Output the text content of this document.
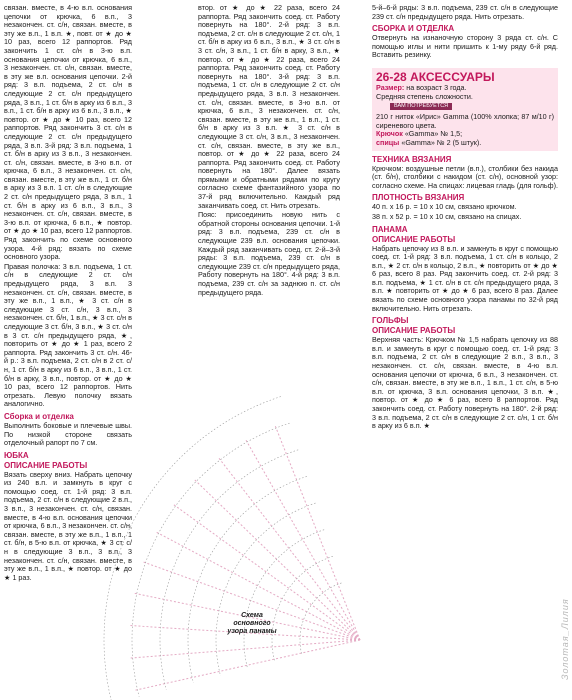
связан. вместе, в 4-ю в.п. основания цепочки от крючка, 6 в.п., 3 незакончен. ст. с/н, связан. вместе, в эту же в.п., 1 в.п. ★, повт. от ★ до ★ 10 раз, всего 12 раппортов. Ряд закончить 1 ст. с/н в 3-ю в.п. основания цепочки от крючка, 6 в.п., 3 незакончен. ст. с/н, связан. вместе, в эту же в.п. основания цепочки. 2-й ряд: 3 в.п. подъема, 2 ст. с/н в следующие 2 ст. с/н предыдущего ряда, 3 в.п., 1 ст. б/н в арку из 6 в.п., 3 в.п., 1 ст. б/н в арку из 6 в.п., 3 в.п., ★ повтор. от ★ до ★ 10 раз, всего 12 раппортов. Ряд закончить 3 ст. с/н в следующие 2 ст. с/н предыдущего ряда, 3 в.п. 3-й ряд: 3 в.п. подъема, 1 ст. б/н в арку из 3 в.п., 3 незакончен. ст. с/н, связан. вместе, в 3-ю в.п. от крючка, 6 в.п., 3 незакончен. ст. с/н, связан. вместе, в эту же в.п., 1 ст. б/н в арку из 3 в.п. 1 ст. с/н в следующие 2 ст. с/н предыдущего ряда, 3 в.п., 1 ст. б/н в арку из 6 в.п., 3 в.п., 3 незакончен. ст. с/н, связан. вместе, в 3-ю в.п. от крючка, 6 в.п., ★ повтор. от ★ до ★ 10 раз, всего 12 раппортов. Ряд закончить по схеме основного узора. 4-й ряд: вязать по схеме основного узора.

Правая полочка: 3 в.п. подъема, 1 ст. с/н в следующие 2 ст. с/н предыдущего ряда, 3 в.п. 3 незакончен. ст. с/н, связан. вместе, в эту же в.п., 1 в.п., ★ 3 ст. с/н в следующие 3 ст. с/н, 3 в.п., 3 незакончен. ст. б/н, 1 в.п., ★ 3 ст. с/н в следующие 3 ст. б/н, 3 в.п., ★ 3 ст. с/н в 3 ст. с/н предыдущего ряда, ★, повторить от ★ до ★ 1 раз, всего 2 раппорта. Ряд закончить 3 ст. с/н. 46-й р.: 3 в.п. подъема, 2 ст. с/н в 2 ст. с/н, 1 ст. б/н в арку из 6 в.п., 3 в.п., 1 ст. б/н в арку, 3 в.п., повтор. от ★ до ★ 10 раз, всего 12 раппортов. Нить отрезать. Левую полочку вязать аналогично.

Сборка и отделка

Выполнить боковые и плечевые швы. По низкой стороне связать отделочный рапорт по 7 см.

ЮБКА
ОПИСАНИЕ РАБОТЫ

Вязать сверху вниз. Набрать цепочку из 240 в.п. и замкнуть в круг с помощью соед. ст. 1-й ряд: 3 в.п. подъема, 2 ст. с/н в следующие 2 в.п., 3 в.п., 3 незакончен. ст. с/н, связан. вместе, в 4-ю в.п. основания цепочки от крючка, 6 в.п., 3 незакончен. ст. с/н, связан. вместе, в эту же в.п., 1 в.п., 1 ст. б/н, в 5-ю в.п. от крючка, ★ 3 ст. с/н в следующие 3 в.п., 3 в.п., 3 незакончен. ст. с/н, связан. вместе, в эту же в.п., 1 в.п., ★ повтор. от ★ до ★ 1 раз.

втор. от ★ до ★ 22 раза, всего 24 раппорта. Ряд закончить соед. ст. Работу повернуть на 180°. 2-й ряд: 3 в.п. подъема, 2 ст. с/н в следующие 2 ст. с/н, 1 ст. б/н в арку из 6 в.п., 3 в.п., ★ 3 ст. с/н в 3 ст. с/н, 3 в.п., 1 ст. б/н в арку, 3 в.п., ★ повтор. от ★ до ★ 22 раза, всего 24 раппорта. Ряд закончить соед. ст. Работу повернуть на 180°. 3-й ряд: 3 в.п. подъема, 1 ст. с/н в следующие 2 ст. с/н предыдущего ряда, 3 в.п. 3 незакончен. ст. с/н, связан. вместе, в 3-ю в.п. от крючка, 6 в.п., 3 незакончен. ст. с/н, связан. вместе, в эту же в.п., 1 в.п., 1 ст. б/н в арку из 3 в.п. ★ 3 ст. с/н в следующие 3 ст. с/н, 3 в.п., 3 незакончен. ст. с/н, связан. вместе, в эту же в.п., повтор. от ★ до ★ 22 раза, всего 24 раппорта. Ряд закончить соед. ст. Работу повернуть на 180°. Далее вязать прямыми и обратными рядами по кругу согласно схеме фантазийного узора по 37-й ряд включительно. Каждый ряд заканчивать соед. ст. Нить отрезать.

Пояс: присоединить новую нить с обратной стороны основания цепочки. 1-й ряд: 3 в.п. подъема, 239 ст. с/н в следующие 239 в.п. основания цепочки. Каждый ряд заканчивать соед. ст. 2-й–3-й ряды: 3 в.п. подъема, 239 ст. с/н в следующие 239 ст. с/н предыдущего ряда, Работу повернуть на 180°. 4-й ряд: 3 в.п. подъема, 239 ст. с/н за заднюю п. ст. с/н предыдущего ряда.

5-й–6-й ряды: 3 в.п. подъема, 239 ст. с/н в следующие 239 ст. с/н предыдущего ряда. Нить отрезать.

СБОРКА И ОТДЕЛКА

Отвернуть на изнаночную сторону 3 ряда ст. с/н. С помощью иглы и нити пришить к 1-му ряду 6-й ряд. Вставить резинку.

26-28 АКСЕССУАРЫ
Размер: на возраст 3 года.
Средняя степень сложности.
ВАМ ПОТРЕБУЕТСЯ
210 г ниток «Ирис» Gamma (100% хлопка; 87 м/10 г) сиреневого цвета.
Крючок «Gamma» № 1,5;
спицы «Gamma» № 2 (5 штук).
ТЕХНИКА ВЯЗАНИЯ

Крючком: воздушные петли (в.п.), столбики без накида (ст. б/н), столбики с накидом (ст. с/н), основной узор: согласно схеме. На спицах: лицевая гладь (для гольф).

ПЛОТНОСТЬ ВЯЗАНИЯ

40 п. х 16 р. = 10 х 10 см, связано крючком.

38 п. х 52 р. = 10 х 10 см, связано на спицах.

ПАНАМА
ОПИСАНИЕ РАБОТЫ

Набрать цепочку из 8 в.п. и замкнуть в круг с помощью соед. ст. 1-й ряд: 3 в.п. подъема, 1 ст. с/н в кольцо, 2 в.п., ★ 2 ст. с/н в кольцо, 2 в.п., ★ повторить от ★ до ★ 6 раз, всего 8 раз. Ряд закончить соед. ст. 2-й ряд: 3 в.п. подъема, ★ 1 ст. с/н в ст. с/н предыдущего ряда, 3 в.п. ★ повторить от ★ до ★ 6 раз, всего 8 раз. Далее вязать по схеме основного узора панамы по 32-й ряд включительно. Нить отрезать.

ГОЛЬФЫ
ОПИСАНИЕ РАБОТЫ

Верхняя часть: Крючком № 1,5 набрать цепочку из 88 в.п. и замкнуть в круг с помощью соед. ст. 1-й ряд: 3 в.п. подъема, 2 ст. с/н в следующие 2 в.п., 3 в.п., 3 незакончен. ст. с/н, связан. вместе, в 4-ю в.п. основания цепочки от крючка, 6 в.п., 3 незакончен. ст. с/н, связан. вместе, в эту же в.п., 1 в.п., 1 ст. с/н, в 5-ю в.п. от крючка, 3 в.п. основания цепочки, 3 в.п. ★, повтор. от ★ до ★ 6 раз, всего 8 раппортов. Ряд закончить соед. ст. Работу повернуть на 180°. 2-й ряд: 3 в.п. подъема, 2 ст. с/н в следующие 2 ст. с/н, 1 ст. б/н в арку из 6 в.п. ★

Схема основного узора панамы	Золотая_Лилия
